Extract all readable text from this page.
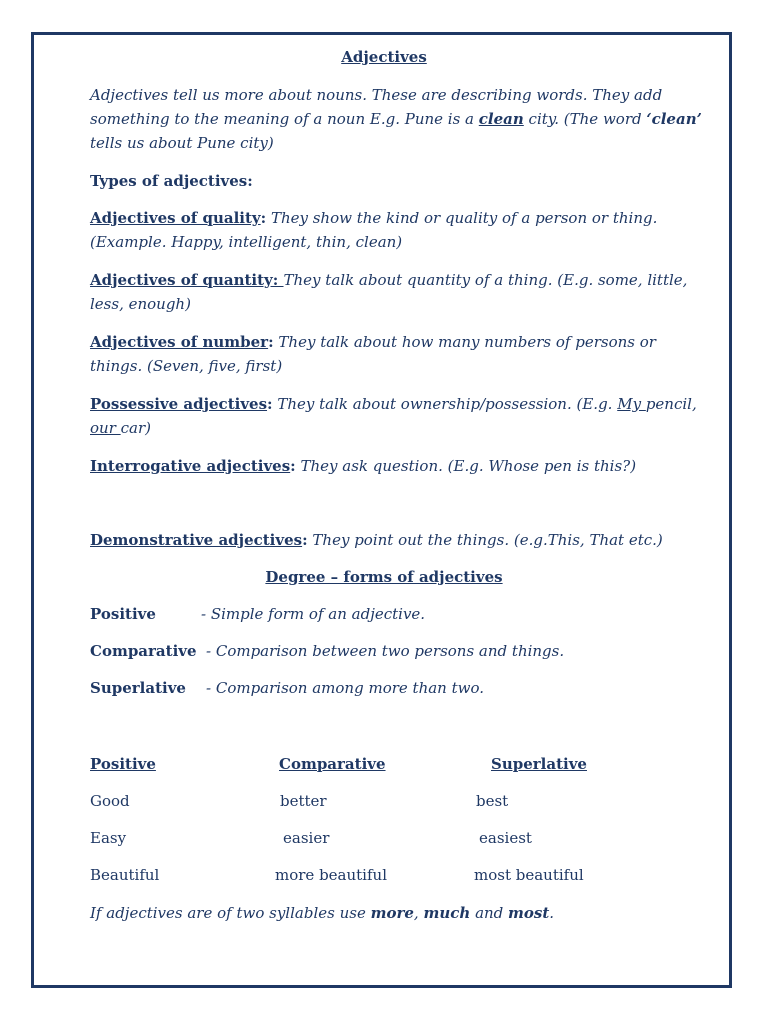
Adjectives
Adjectives tell us more about nouns. These are describing words. They add
something to the meaning of a noun E.g. Pune is a clean city. (The word ‘clean’
tells us about Pune city)
Types of adjectives:
Adjectives of quality: They show the kind or quality of a person or thing.
(Example. Happy, intelligent, thin, clean)
Adjectives of quantity: They talk about quantity of a thing. (E.g. some, little,
less, enough)
Adjectives of number: They talk about how many numbers of persons or
things. (Seven, five, first)
Possessive adjectives: They talk about ownership/possession. (E.g. My pencil,
our car)
Interrogative adjectives: They ask question. (E.g. Whose pen is this?)
Demonstrative adjectives: They point out the things. (e.g.This, That etc.)
Degree – forms of adjectives
Positive	- Simple form of an adjective.
Comparative - Comparison between two persons and things.
Superlative - Comparison among more than two.
Positive	Comparative	Superlative
Good	better	best
Easy	easier	easiest
Beautiful	more beautiful	most beautiful
If adjectives are of two syllables use more, much and most.
